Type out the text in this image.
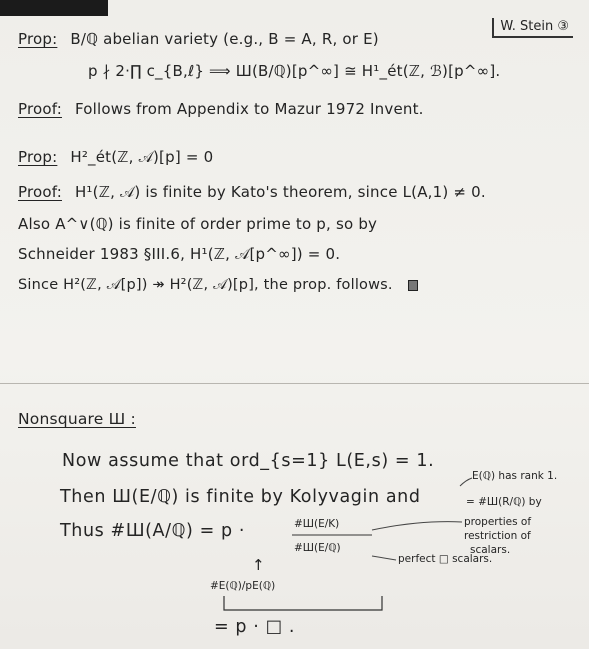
W. Stein ③
Prop: B/ℚ abelian variety (e.g., B = A, R, or E)
p ∤ 2·∏ c_{B,ℓ} ⟹ Ш(B/ℚ)[p^∞] ≅ H¹_ét(ℤ, ℬ)[p^∞].
Proof: Follows from Appendix to Mazur 1972 Invent.
Prop: H²_ét(ℤ, 𝒜)[p] = 0
Proof: H¹(ℤ, 𝒜) is finite by Kato's theorem, since L(A,1) ≠ 0.
Also A^∨(ℚ) is finite of order prime to p, so by
Schneider 1983 §III.6, H¹(ℤ, 𝒜[p^∞]) = 0.
Since H²(ℤ, 𝒜[p]) ↠ H²(ℤ, 𝒜)[p], the prop. follows.
Nonsquare Ш :
Now assume that ord_{s=1} L(E,s) = 1.
Then Ш(E/ℚ) is finite by Kolyvagin and
E(ℚ) has rank 1.
= #Ш(R/ℚ) by
Thus #Ш(A/ℚ) = p ·	#Ш(E/K)
#Ш(E/ℚ)
properties of
restriction of
scalars.
perfect □ scalars.
↑
#E(ℚ)/pE(ℚ)
= p · □ .
